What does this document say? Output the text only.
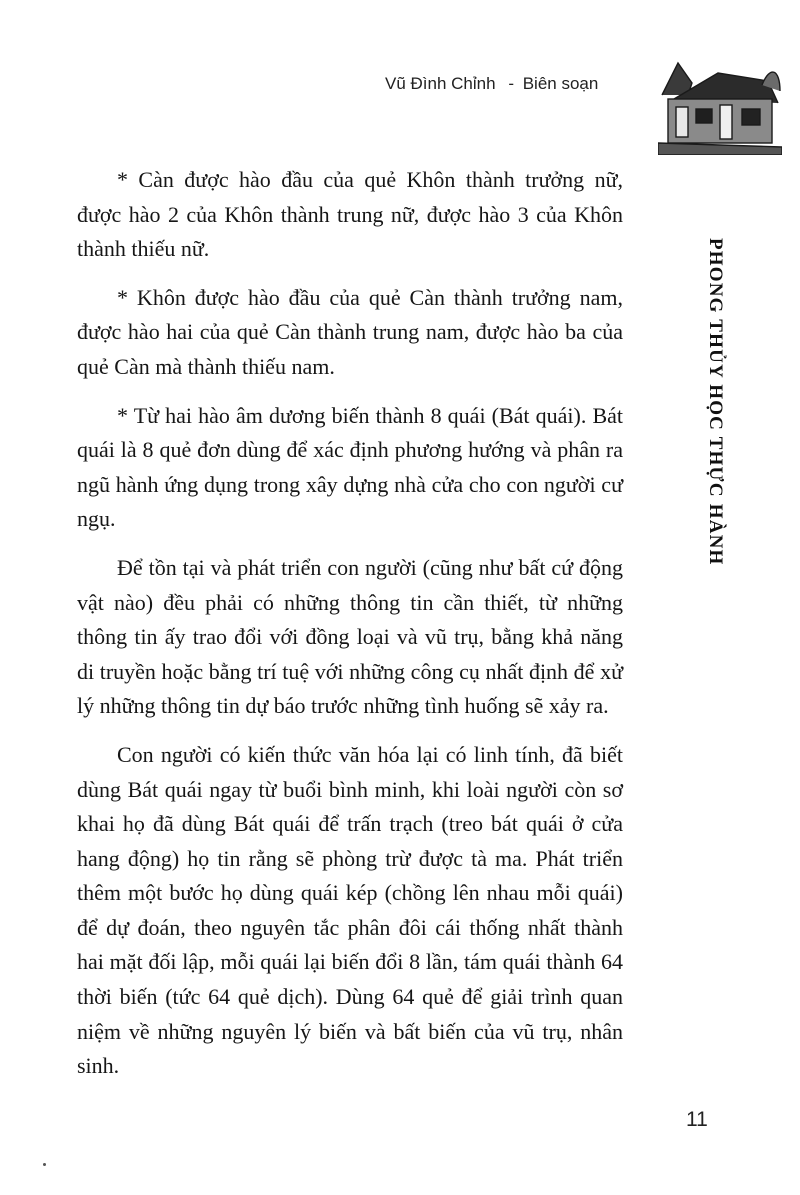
Vũ Đình Chỉnh - Biên soạn
PHONG THỦY HỌC THỰC HÀNH

* Càn được hào đầu của quẻ Khôn thành trưởng nữ, được hào 2 của Khôn thành trung nữ, được hào 3 của Khôn thành thiếu nữ.

* Khôn được hào đầu của quẻ Càn thành trưởng nam, được hào hai của quẻ Càn thành trung nam, được hào ba của quẻ Càn mà thành thiếu nam.

* Từ hai hào âm dương biến thành 8 quái (Bát quái). Bát quái là 8 quẻ đơn dùng để xác định phương hướng và phân ra ngũ hành ứng dụng trong xây dựng nhà cửa cho con người cư ngụ.

Để tồn tại và phát triển con người (cũng như bất cứ động vật nào) đều phải có những thông tin cần thiết, từ những thông tin ấy trao đổi với đồng loại và vũ trụ, bằng khả năng di truyền hoặc bằng trí tuệ với những công cụ nhất định để xử lý những thông tin dự báo trước những tình huống sẽ xảy ra.

Con người có kiến thức văn hóa lại có linh tính, đã biết dùng Bát quái ngay từ buổi bình minh, khi loài người còn sơ khai họ đã dùng Bát quái để trấn trạch (treo bát quái ở cửa hang động) họ tin rằng sẽ phòng trừ được tà ma. Phát triển thêm một bước họ dùng quái kép (chồng lên nhau mỗi quái) để dự đoán, theo nguyên tắc phân đôi cái thống nhất thành hai mặt đối lập, mỗi quái lại biến đổi 8 lần, tám quái thành 64 thời biến (tức 64 quẻ dịch). Dùng 64 quẻ để giải trình quan niệm về những nguyên lý biến và bất biến của vũ trụ, nhân sinh.

11
